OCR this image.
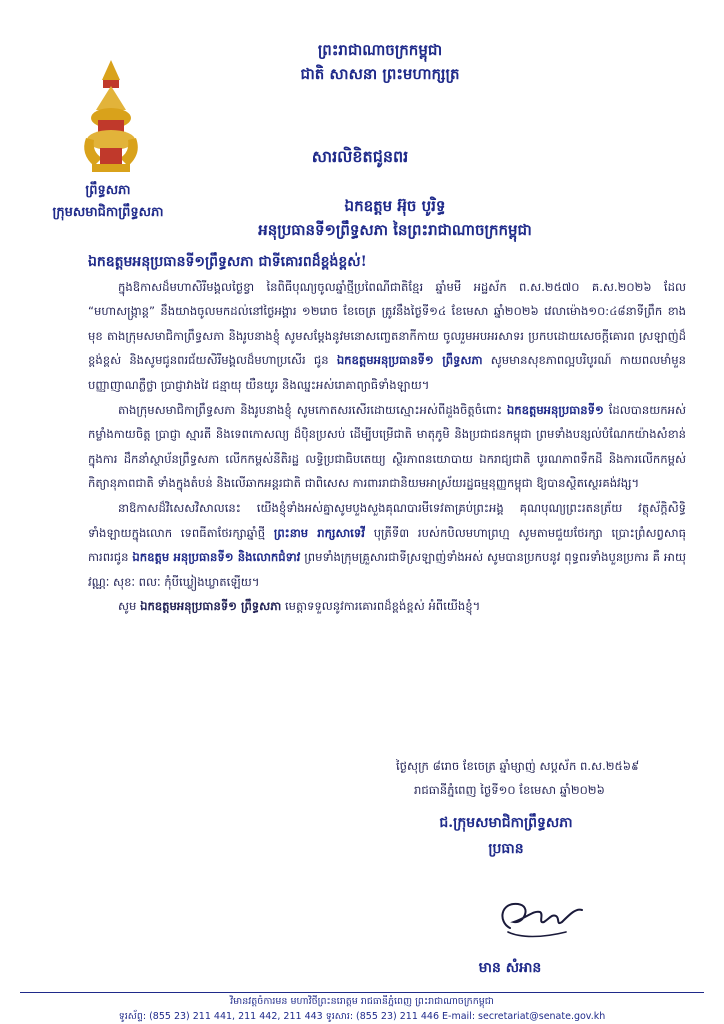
ព្រះរាជាណាចក្រកម្ពុជា
ជាតិ សាសនា ព្រះមហាក្សត្រ
ព្រឹទ្ធសភា
ក្រុមសមាជិកាព្រឹទ្ធសភា
សារលិខិតជូនពរ
ឯកឧត្តម អ៊ុច បូរិទ្ធ
អនុប្រធានទី១ព្រឹទ្ធសភា នៃព្រះរាជាណាចក្រកម្ពុជា
ឯកឧត្តមអនុប្រធានទី១ព្រឹទ្ធសភា ជាទីគោរពដ៏ខ្ពង់ខ្ពស់!

ក្នុងឱកាសដ៏មហាសិរីមង្គលថ្ងៃខ្វា នៃពិធីបុណ្យចូលឆ្នាំថ្មីប្រពៃណីជាតិខ្មែរ ឆ្នាំមមី អដ្ឋស័ក ព.ស.២៥៧០ គ.ស.២០២៦ ដែល “មហាសង្ក្រាន្ត” នឹងយាងចូលមកដល់នៅថ្ងៃអង្គារ ១២រោច ខែចេត្រ ត្រូវនឹងថ្ងៃទី១៤ ខែមេសា ឆ្នាំ២០២៦ វេលាម៉ោង១០:៤៨នាទីព្រឹក ខាងមុខ តាងក្រុមសមាជិកាព្រឹទ្ធសភា និងរូបនាងខ្ញុំ សូមសម្តែងនូវមនោសញ្ចេតនាកីកាយ ចូលរួមអបអរសាទរ ប្រកបដោយសេចក្តីគោរព ស្រឡាញ់ដ៏ខ្ពង់ខ្ពស់ និងសូមជូនពរជ័យសិរីមង្គលដ៏មហាប្រសើរ ជូន ឯកឧត្តមអនុប្រធានទី១ ព្រឹទ្ធសភា សូមមានសុខភាពល្អបរិបូរណ៍ កាយពលមាំមួន បញ្ញាញាណភ្លឺថ្លា ប្រាជ្ញាវាងវៃ ជន្មាយុ យឺនយូរ និងឈ្នះអស់រោគាព្យាធិទាំងឡាយ។

តាងក្រុមសមាជិកាព្រឹទ្ធសភា និងរូបនាងខ្ញុំ សូមកោតសរសើរដោយស្មោះអស់ពីដួងចិត្តចំពោះ ឯកឧត្តមអនុប្រធានទី១ ដែលបានយកអស់កម្លាំងកាយចិត្ត ប្រាជ្ញា ស្មារតី និងទេពកោសល្យ ដ៏ប៉ិនប្រសប់ ដើម្បីបម្រើជាតិ មាតុភូមិ និងប្រជាជនកម្ពុជា ព្រមទាំងបន្សល់បំណែកយ៉ាងសំខាន់ក្នុងការ ដឹកនាំស្ថាប័នព្រឹទ្ធសភា លើកកម្ពស់នីតិរដ្ឋ លទ្ធិប្រជាធិបតេយ្យ ស្ថិរភាពនយោបាយ ឯករាជ្យជាតិ បូរណភាពទឹកដី និងការលើកកម្ពស់កិត្យានុភាពជាតិ ទាំងក្នុងតំបន់ និងលើឆាកអន្តរជាតិ ជាពិសេស ការពាររាជានិយមអាស្រ័យរដ្ឋធម្មនុញ្ញកម្ពុជា ឱ្យបានស្ថិតស្ថេរគង់វង្ស។

នាឱកាសដ៏វិសេសវិសាលនេះ យើងខ្ញុំទាំងអស់គ្នាសូមបួងសួងគុណបារមីទេវតាគ្រប់ព្រះអង្គ គុណបុណ្យព្រះរតនត្រ័យ វត្ថុស័ក្តិសិទ្ធិទាំងឡាយក្នុងលោក ទេពធីតាថែរក្សាឆ្នាំថ្មី ព្រះនាម រាក្សសាទេវី បុត្រីទី៣ របស់កបិលមហាព្រហ្ម សូមតាមជួយថែរក្សា ប្រោះព្រំសព្វសាធុការពរជូន ឯកឧត្តម អនុប្រធានទី១ និងលោកជំទាវ ព្រមទាំងក្រុមគ្រួសារជាទីស្រឡាញ់ទាំងអស់ សូមបានប្រកបនូវ ពុទ្ធពរទាំងបួនប្រការ គឺ អាយុ វណ្ណៈ សុខៈ ពលៈ កុំបីឃ្លៀងឃ្លាតឡើយ។

សូម ឯកឧត្តមអនុប្រធានទី១ ព្រឹទ្ធសភា មេត្តាទទួលនូវការគោរពដ៏ខ្ពង់ខ្ពស់ អំពីយើងខ្ញុំ។

ថ្ងៃសុក្រ ៨រោច ខែចេត្រ ឆ្នាំម្សាញ់ សប្តស័ក ព.ស.២៥៦៩
រាជធានីភ្នំពេញ ថ្ងៃទី១០ ខែមេសា ឆ្នាំ២០២៦
ជ.ក្រុមសមាជិកាព្រឹទ្ធសភា
ប្រធាន
មាន សំអាន
វិមានវត្តចំការមន មហាវិថីព្រះនរោត្តម រាជធានីភ្នំពេញ ព្រះរាជាណាចក្រកម្ពុជា
ទូរស័ព្ទ: (855 23) 211 441, 211 442, 211 443 ទូរសារ: (855 23) 211 446 E-mail: secretariat@senate.gov.kh
